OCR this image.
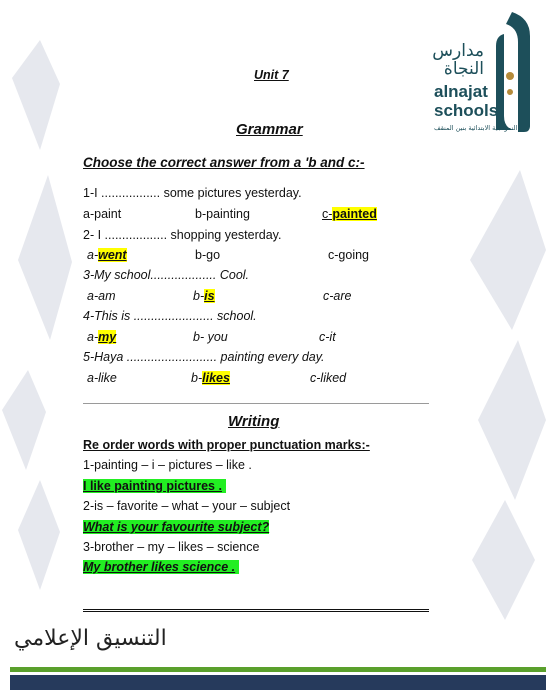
مدارس النجاة
alnajat
schools
النموذجية الابتدائية بنين المنقف
Unit 7
Grammar
Choose the correct answer from a 'b and c:-
1-I ................. some pictures yesterday.
a-paint	b-painting	c-painted
2- I .................. shopping yesterday.
a-went	b-go	c-going
3-My school................... Cool.
a-am	b-is	c-are
4-This is ....................... school.
a-my	b- you	c-it
5-Haya .......................... painting every day.
a-like	b-likes	c-liked
Writing
Re order words with proper punctuation marks:-
1-painting – i – pictures – like .
I like painting pictures .
2-is – favorite – what – your – subject
What is your favourite subject?
3-brother – my – likes – science
My brother likes science .
التنسيق الإعلامي
